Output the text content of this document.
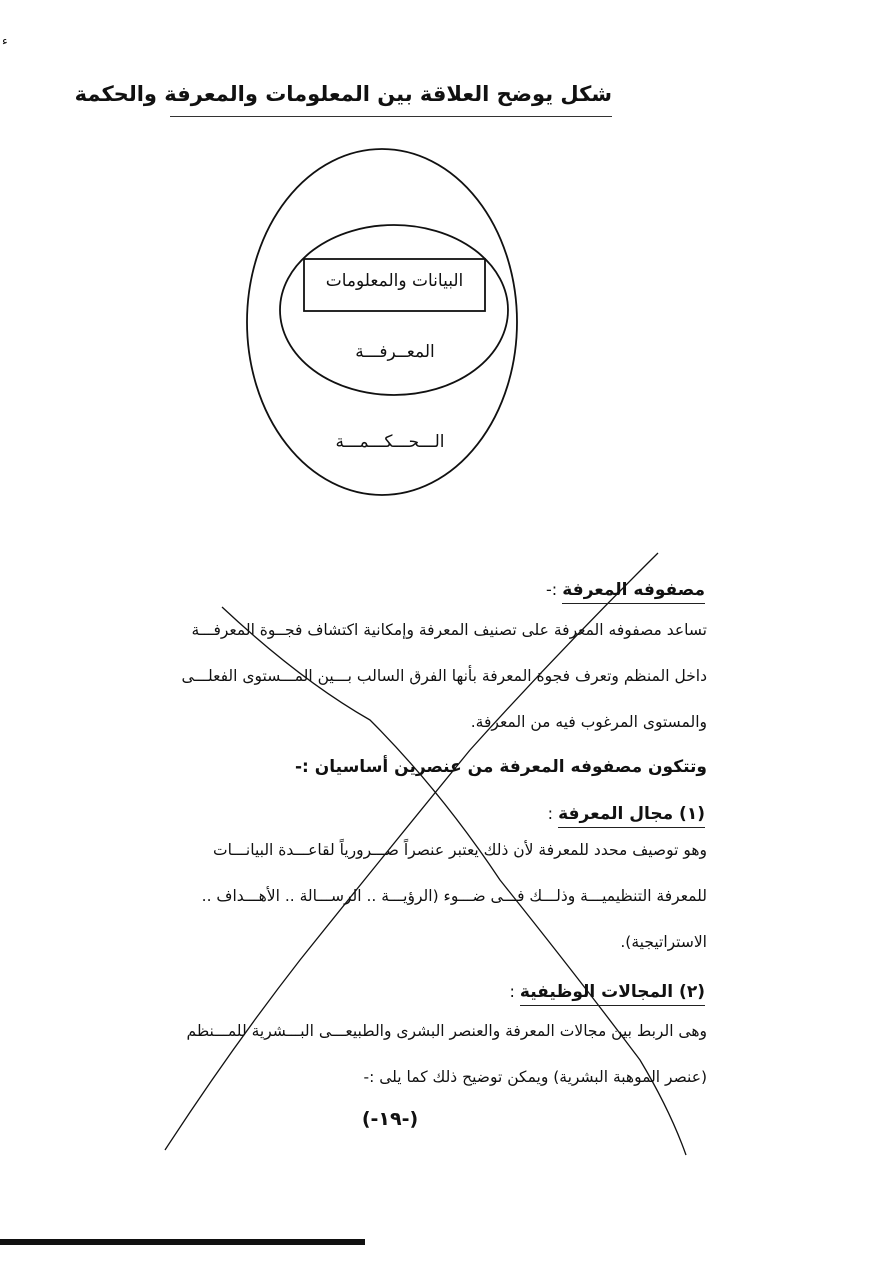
ء
شكل يوضح العلاقة بين المعلومات والمعرفة والحكمة
البيانات والمعلومات
المعــرفـــة
الـــحـــكـــمـــة
مصفوفه المعرفة :-
تساعد مصفوفه المعرفة على تصنيف المعرفة وإمكانية اكتشاف فجــوة المعرفـــة
داخل المنظم وتعرف فجوة المعرفة بأنها الفرق السالب بـــين المـــستوى الفعلـــى
والمستوى المرغوب فيه من المعرفة.
وتتكون مصفوفه المعرفة من عنصرين أساسيان :-
(١) مجال المعرفة :
وهو توصيف محدد للمعرفة لأن ذلك يعتبر عنصراً ضـــرورياً لقاعـــدة البيانـــات
للمعرفة التنظيميـــة وذلـــك فـــى ضـــوء (الرؤيـــة .. الرســـالة .. الأهـــداف ..
الاستراتيجية).
(٢) المجالات الوظيفية :
وهى الربط بين مجالات المعرفة والعنصر البشرى والطبيعـــى البـــشرية للمـــنظم
(عنصر الموهبة البشرية) ويمكن توضيح ذلك كما يلى :-
(-١٩-)
